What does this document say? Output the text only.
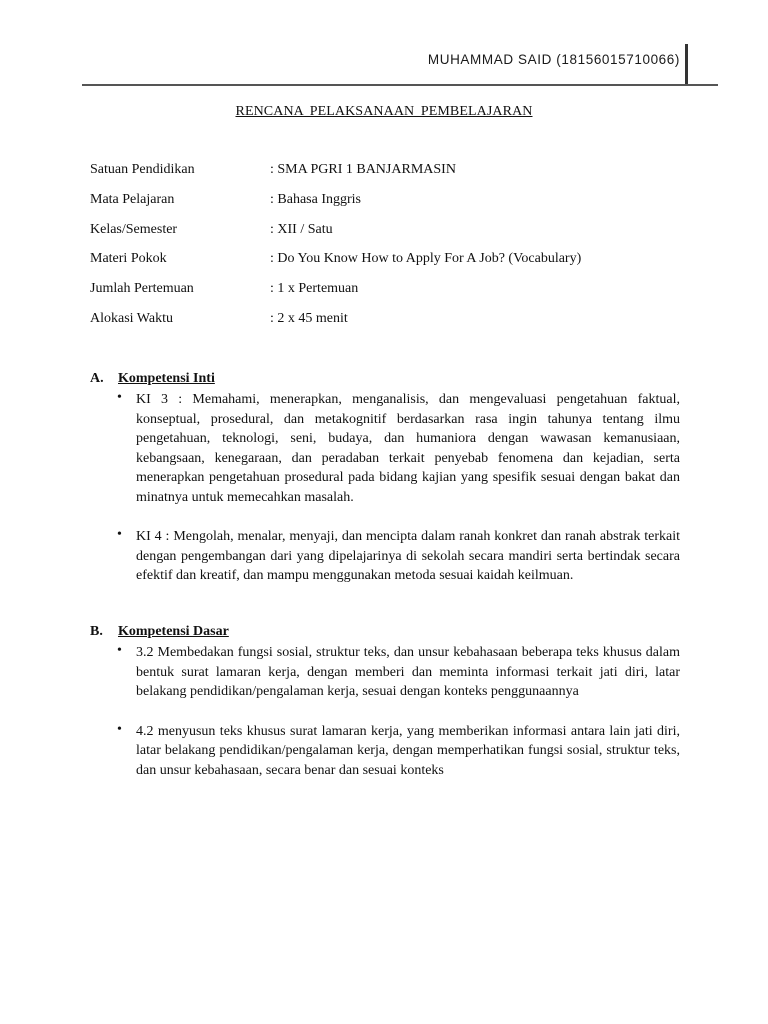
MUHAMMAD SAID (18156015710066)
RENCANA PELAKSANAAN PEMBELAJARAN
Satuan Pendidikan	: SMA PGRI 1 BANJARMASIN
Mata Pelajaran	: Bahasa Inggris
Kelas/Semester	: XII / Satu
Materi Pokok	: Do You Know How to Apply For A Job? (Vocabulary)
Jumlah Pertemuan	: 1 x Pertemuan
Alokasi Waktu	: 2 x 45 menit
A.	Kompetensi Inti
• KI 3 : Memahami, menerapkan, menganalisis, dan mengevaluasi pengetahuan faktual, konseptual, prosedural, dan metakognitif berdasarkan rasa ingin tahunya tentang ilmu pengetahuan, teknologi, seni, budaya, dan humaniora dengan wawasan kemanusiaan, kebangsaan, kenegaraan, dan peradaban terkait penyebab fenomena dan kejadian, serta menerapkan pengetahuan prosedural pada bidang kajian yang spesifik sesuai dengan bakat dan minatnya untuk memecahkan masalah.
• KI 4 : Mengolah, menalar, menyaji, dan mencipta dalam ranah konkret dan ranah abstrak terkait dengan pengembangan dari yang dipelajarinya di sekolah secara mandiri serta bertindak secara efektif dan kreatif, dan mampu menggunakan metoda sesuai kaidah keilmuan.
B.	Kompetensi Dasar
• 3.2 Membedakan fungsi sosial, struktur teks, dan unsur kebahasaan beberapa teks khusus dalam bentuk surat lamaran kerja, dengan memberi dan meminta informasi terkait jati diri, latar belakang pendidikan/pengalaman kerja, sesuai dengan konteks penggunaannya
• 4.2 menyusun teks khusus surat lamaran kerja, yang memberikan informasi antara lain jati diri, latar belakang pendidikan/pengalaman kerja, dengan memperhatikan fungsi sosial, struktur teks, dan unsur kebahasaan, secara benar dan sesuai konteks
